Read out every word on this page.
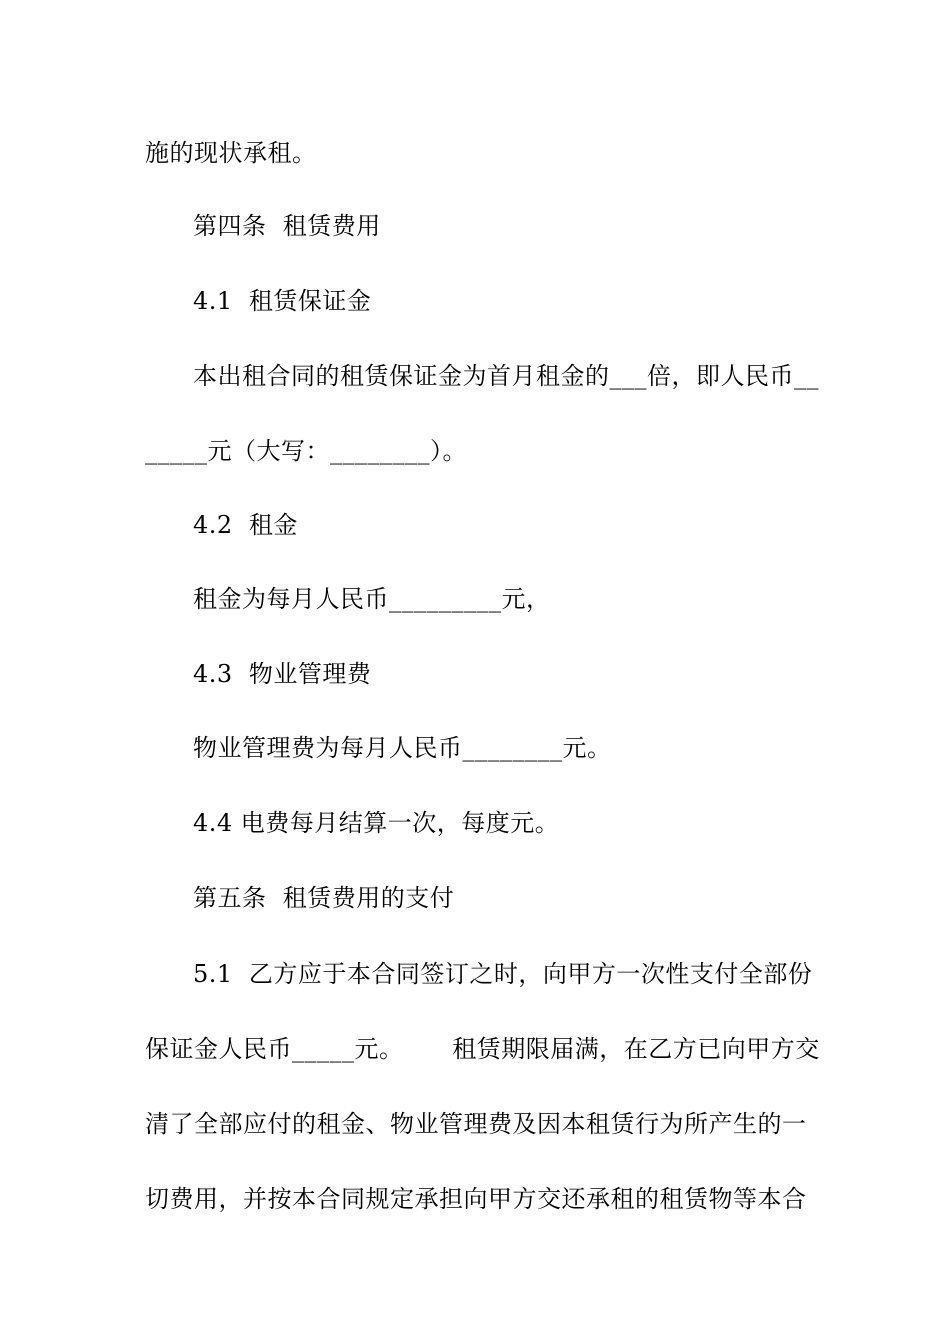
施的现状承租。
第四条  租赁费用
4.1  租赁保证金
本出租合同的租赁保证金为首月租金的___倍，即人民币__
_____元（大写：________）。
4.2  租金
租金为每月人民币_________元，
4.3  物业管理费
物业管理费为每月人民币________元。
4.4 电费每月结算一次，每度元。
第五条  租赁费用的支付
5.1  乙方应于本合同签订之时，向甲方一次性支付全部份
保证金人民币_____元。      租赁期限届满，在乙方已向甲方交
清了全部应付的租金、物业管理费及因本租赁行为所产生的一
切费用，并按本合同规定承担向甲方交还承租的租赁物等本合
